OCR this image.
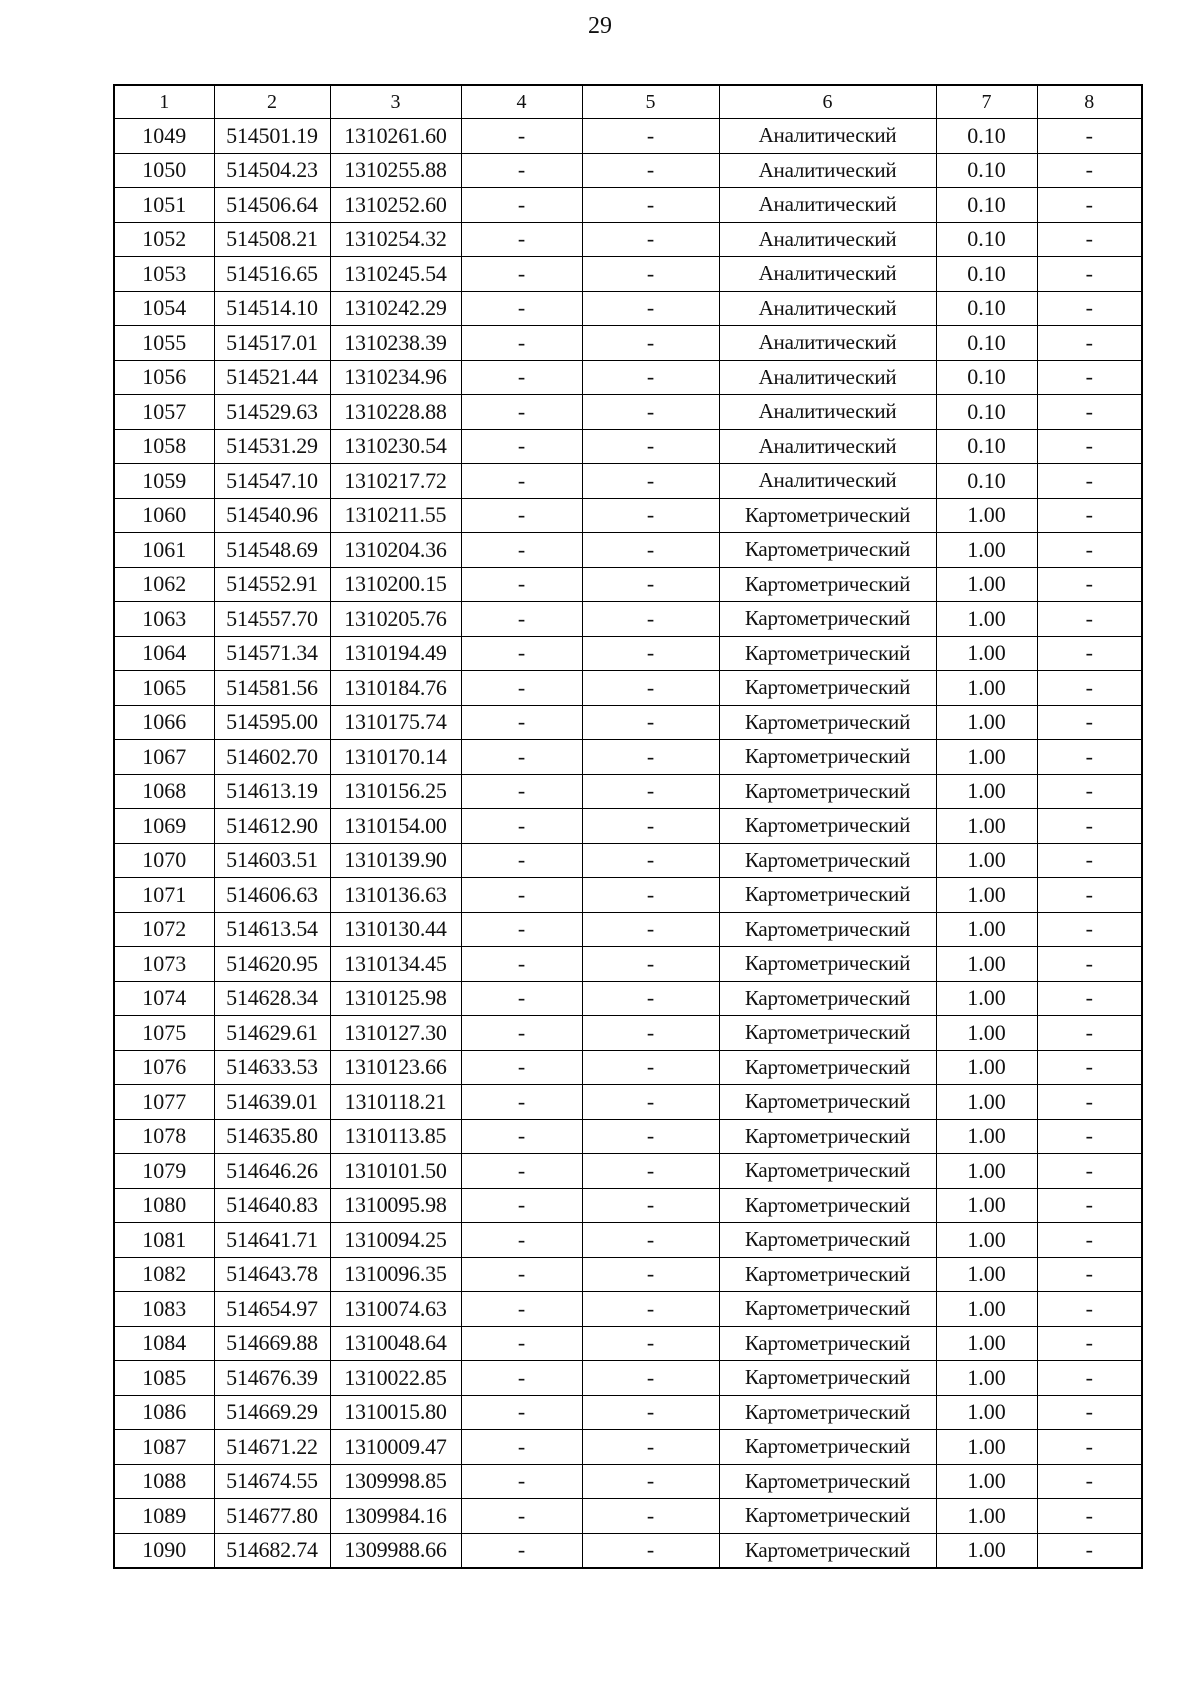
29
1	2	3	4	5	6	7	8
1049	514501.19	1310261.60	-	-	Аналитический	0.10	-
1050	514504.23	1310255.88	-	-	Аналитический	0.10	-
1051	514506.64	1310252.60	-	-	Аналитический	0.10	-
1052	514508.21	1310254.32	-	-	Аналитический	0.10	-
1053	514516.65	1310245.54	-	-	Аналитический	0.10	-
1054	514514.10	1310242.29	-	-	Аналитический	0.10	-
1055	514517.01	1310238.39	-	-	Аналитический	0.10	-
1056	514521.44	1310234.96	-	-	Аналитический	0.10	-
1057	514529.63	1310228.88	-	-	Аналитический	0.10	-
1058	514531.29	1310230.54	-	-	Аналитический	0.10	-
1059	514547.10	1310217.72	-	-	Аналитический	0.10	-
1060	514540.96	1310211.55	-	-	Картометрический	1.00	-
1061	514548.69	1310204.36	-	-	Картометрический	1.00	-
1062	514552.91	1310200.15	-	-	Картометрический	1.00	-
1063	514557.70	1310205.76	-	-	Картометрический	1.00	-
1064	514571.34	1310194.49	-	-	Картометрический	1.00	-
1065	514581.56	1310184.76	-	-	Картометрический	1.00	-
1066	514595.00	1310175.74	-	-	Картометрический	1.00	-
1067	514602.70	1310170.14	-	-	Картометрический	1.00	-
1068	514613.19	1310156.25	-	-	Картометрический	1.00	-
1069	514612.90	1310154.00	-	-	Картометрический	1.00	-
1070	514603.51	1310139.90	-	-	Картометрический	1.00	-
1071	514606.63	1310136.63	-	-	Картометрический	1.00	-
1072	514613.54	1310130.44	-	-	Картометрический	1.00	-
1073	514620.95	1310134.45	-	-	Картометрический	1.00	-
1074	514628.34	1310125.98	-	-	Картометрический	1.00	-
1075	514629.61	1310127.30	-	-	Картометрический	1.00	-
1076	514633.53	1310123.66	-	-	Картометрический	1.00	-
1077	514639.01	1310118.21	-	-	Картометрический	1.00	-
1078	514635.80	1310113.85	-	-	Картометрический	1.00	-
1079	514646.26	1310101.50	-	-	Картометрический	1.00	-
1080	514640.83	1310095.98	-	-	Картометрический	1.00	-
1081	514641.71	1310094.25	-	-	Картометрический	1.00	-
1082	514643.78	1310096.35	-	-	Картометрический	1.00	-
1083	514654.97	1310074.63	-	-	Картометрический	1.00	-
1084	514669.88	1310048.64	-	-	Картометрический	1.00	-
1085	514676.39	1310022.85	-	-	Картометрический	1.00	-
1086	514669.29	1310015.80	-	-	Картометрический	1.00	-
1087	514671.22	1310009.47	-	-	Картометрический	1.00	-
1088	514674.55	1309998.85	-	-	Картометрический	1.00	-
1089	514677.80	1309984.16	-	-	Картометрический	1.00	-
1090	514682.74	1309988.66	-	-	Картометрический	1.00	-
